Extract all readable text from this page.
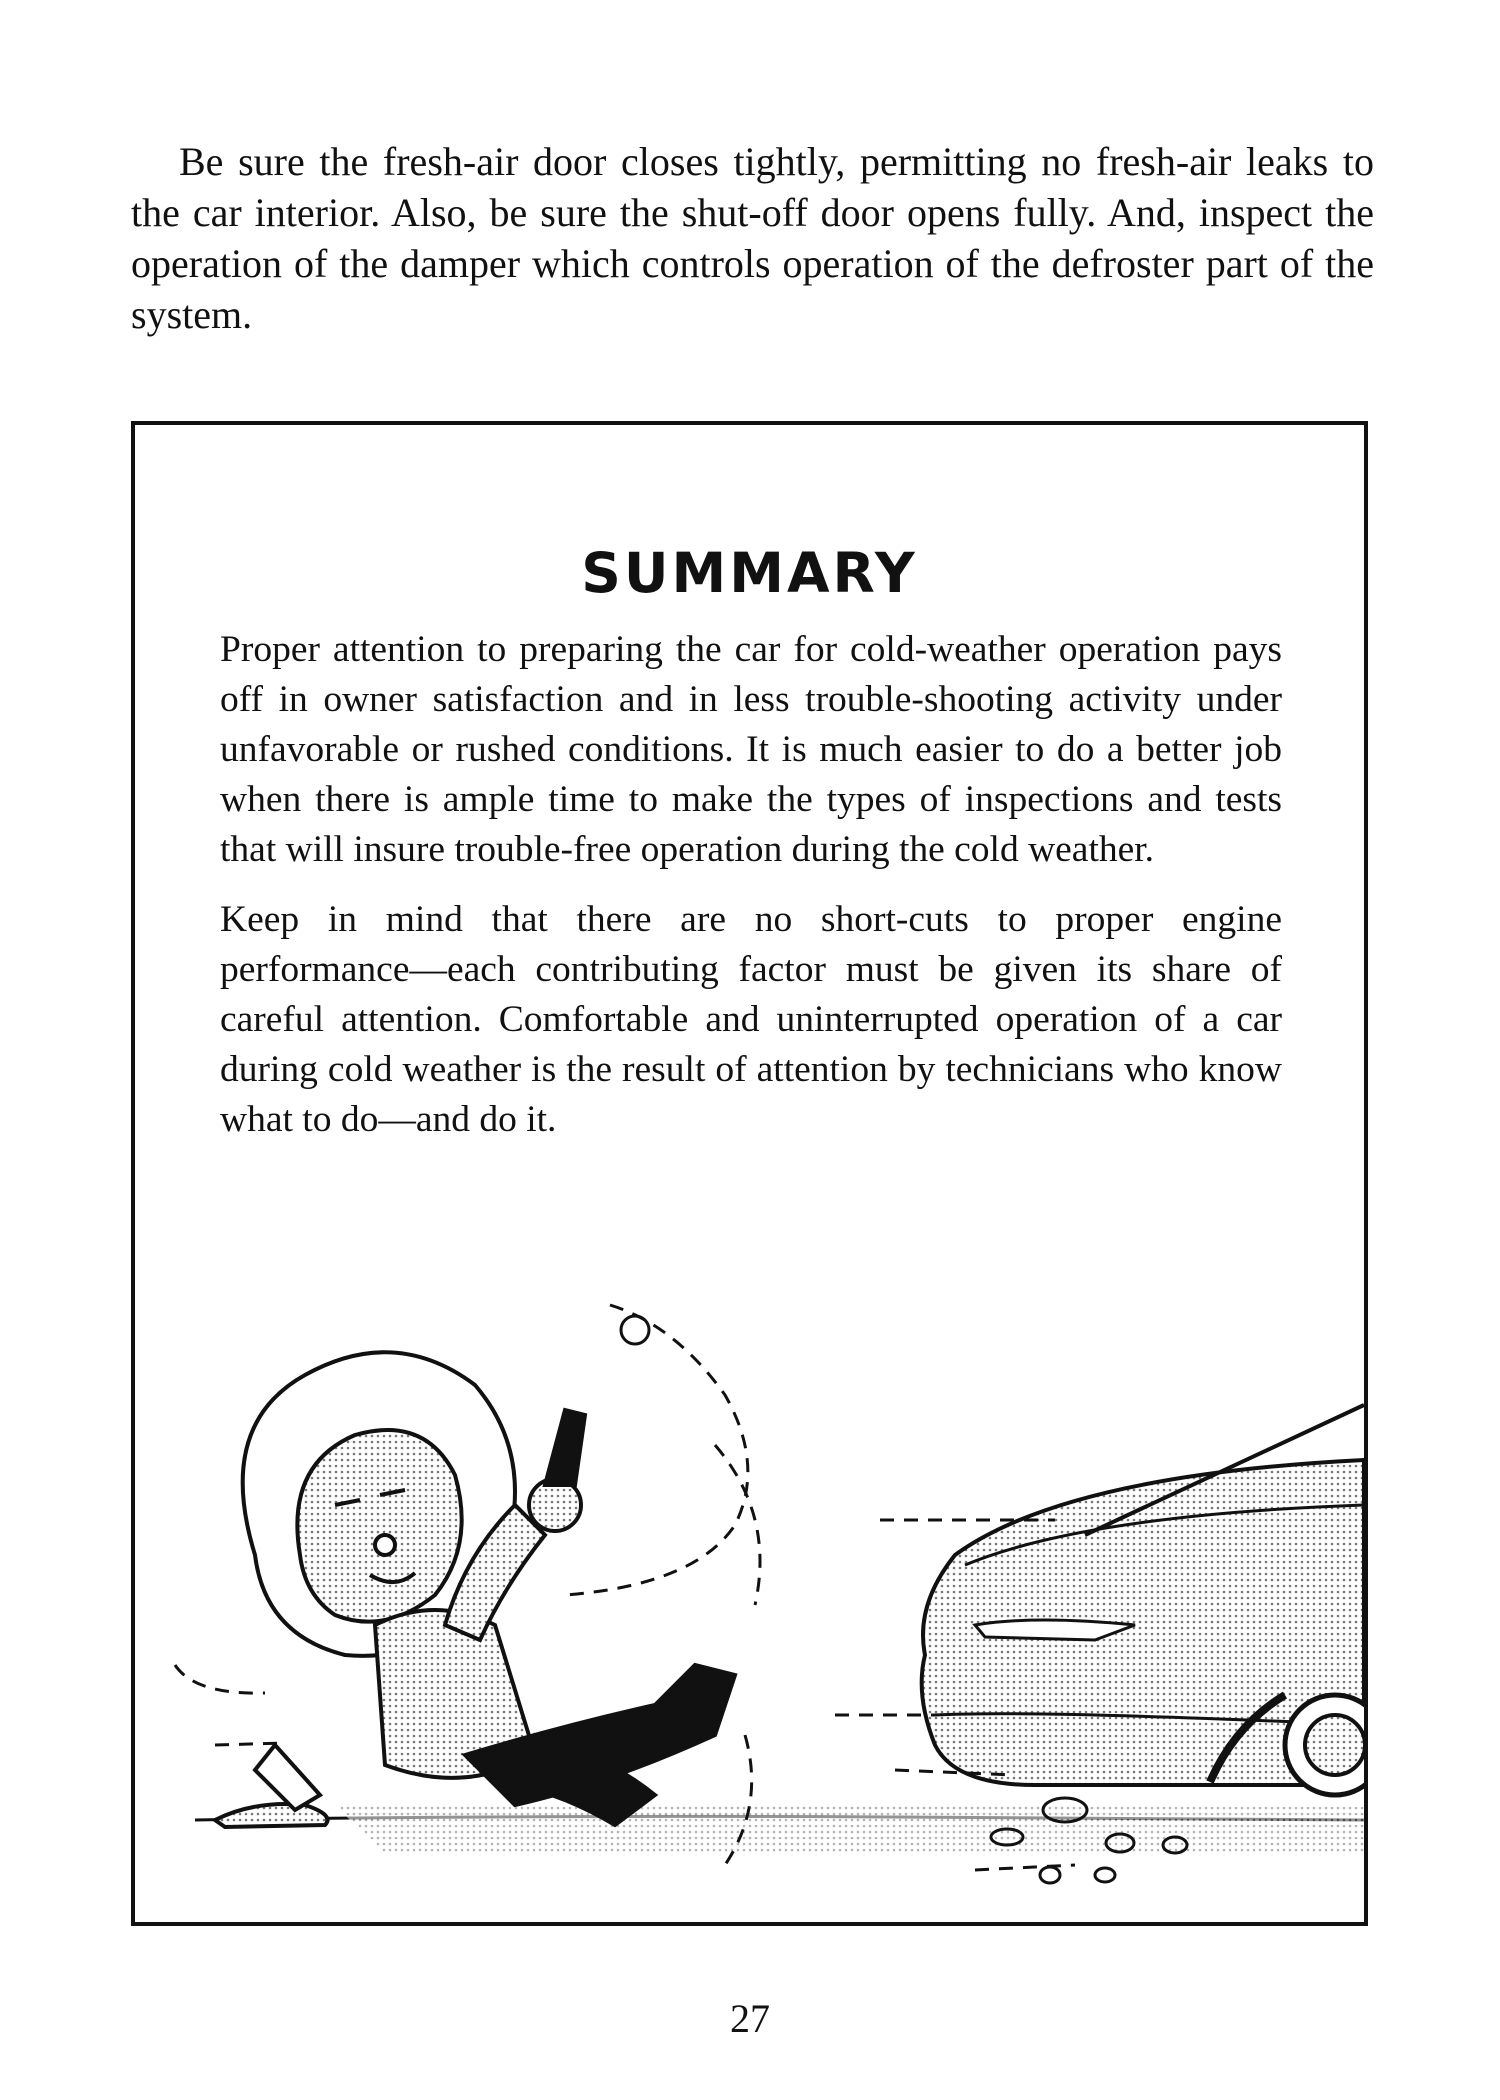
Be sure the fresh-air door closes tightly, permitting no fresh-air leaks to the car interior. Also, be sure the shut-off door opens fully. And, inspect the operation of the damper which controls operation of the defroster part of the system.

SUMMARY

Proper attention to preparing the car for cold-weather operation pays off in owner satisfaction and in less trouble-shooting activity under unfavorable or rushed conditions. It is much easier to do a better job when there is ample time to make the types of inspections and tests that will insure trouble-free operation during the cold weather.

Keep in mind that there are no short-cuts to proper engine performance—each contributing factor must be given its share of careful attention. Comfortable and uninterrupted operation of a car during cold weather is the result of attention by technicians who know what to do—and do it.

27
